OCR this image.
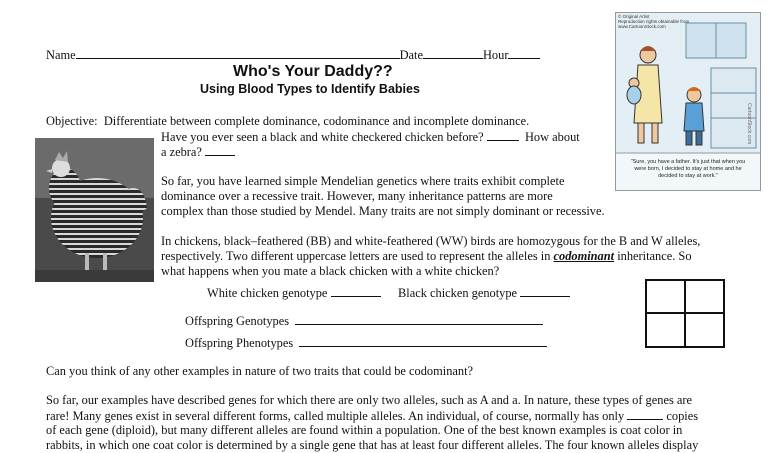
Name	Date	Hour
Who's Your Daddy??
Using Blood Types to Identify Babies
Objective: Differentiate between complete dominance, codominance and incomplete dominance.
Have you ever seen a black and white checkered chicken before?	How about
a zebra?
So far, you have learned simple Mendelian genetics where traits exhibit complete
dominance over a recessive trait. However, many inheritance patterns are more
complex than those studied by Mendel. Many traits are not simply dominant or recessive.
In chickens, black–feathered (BB) and white-feathered (WW) birds are homozygous for the B and W alleles,
respectively. Two different uppercase letters are used to represent the alleles in codominant inheritance. So
what happens when you mate a black chicken with a white chicken?
White chicken genotype	Black chicken genotype
Offspring Genotypes
Offspring Phenotypes
Can you think of any other examples in nature of two traits that could be codominant?
So far, our examples have described genes for which there are only two alleles, such as A and a. In nature, these types of genes are
rare! Many genes exist in several different forms, called multiple alleles. An individual, of course, normally has only	copies
of each gene (diploid), but many different alleles are found within a population. One of the best known examples is coat color in
rabbits, in which one coat color is determined by a single gene that has at least four different alleles. The four known alleles display
© Original Artist
Reproduction rights obtainable from
www.CartoonStock.com
"Sure, you have a father. It's just that when you
were born, I decided to stay at home and he
decided to stay at work."
CartoonStock.com
